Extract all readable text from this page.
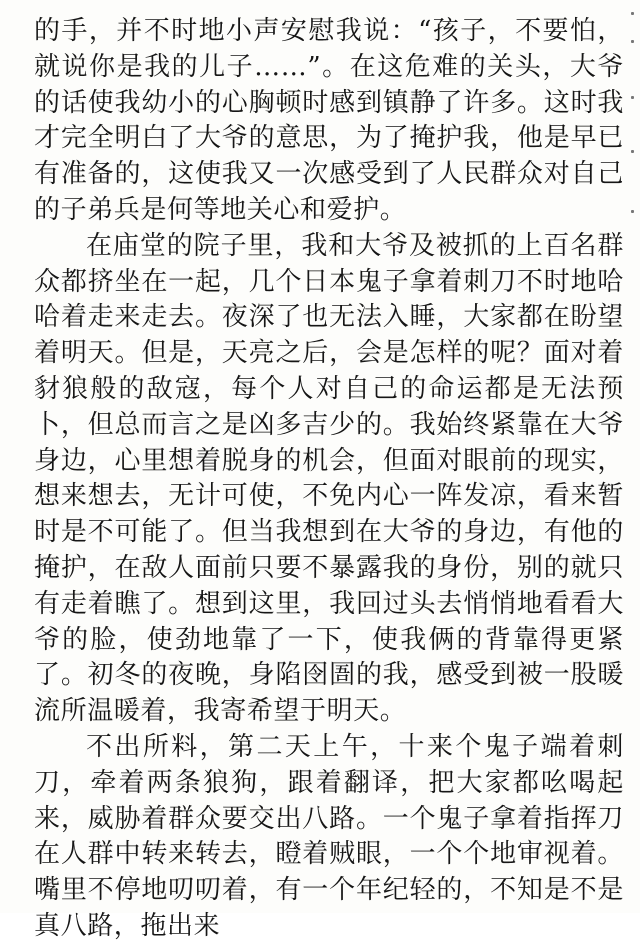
的手，并不时地小声安慰我说：“孩子，不要怕，就说你是我的儿子……”。在这危难的关头，大爷的话使我幼小的心胸顿时感到镇静了许多。这时我才完全明白了大爷的意思，为了掩护我，他是早已有准备的，这使我又一次感受到了人民群众对自己的子弟兵是何等地关心和爱护。

在庙堂的院子里，我和大爷及被抓的上百名群众都挤坐在一起，几个日本鬼子拿着刺刀不时地哈哈着走来走去。夜深了也无法入睡，大家都在盼望着明天。但是，天亮之后，会是怎样的呢？面对着豺狼般的敌寇，每个人对自己的命运都是无法预卜，但总而言之是凶多吉少的。我始终紧靠在大爷身边，心里想着脱身的机会，但面对眼前的现实，想来想去，无计可使，不免内心一阵发凉，看来暂时是不可能了。但当我想到在大爷的身边，有他的掩护，在敌人面前只要不暴露我的身份，别的就只有走着瞧了。想到这里，我回过头去悄悄地看看大爷的脸，使劲地靠了一下，使我俩的背靠得更紧了。初冬的夜晚，身陷囹圄的我，感受到被一股暖流所温暖着，我寄希望于明天。

不出所料，第二天上午，十来个鬼子端着刺刀，牵着两条狼狗，跟着翻译，把大家都吆喝起来，威胁着群众要交出八路。一个鬼子拿着指挥刀在人群中转来转去，瞪着贼眼，一个个地审视着。嘴里不停地叨叨着，有一个年纪轻的，不知是不是真八路，拖出来
